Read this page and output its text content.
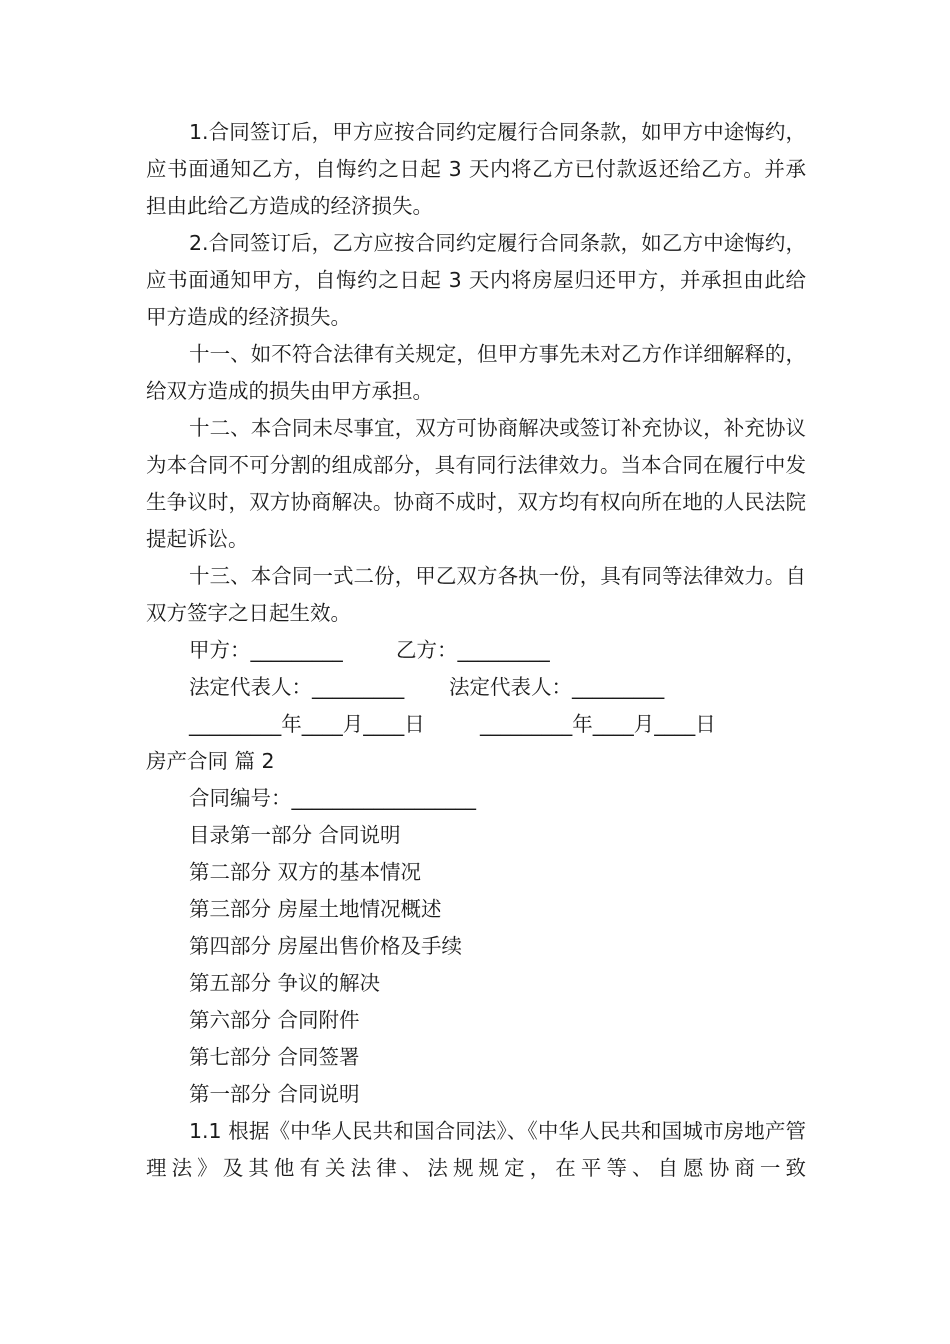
1.合同签订后，甲方应按合同约定履行合同条款，如甲方中途悔约，应书面通知乙方，自悔约之日起 3 天内将乙方已付款返还给乙方。并承担由此给乙方造成的经济损失。

2.合同签订后，乙方应按合同约定履行合同条款，如乙方中途悔约，应书面通知甲方，自悔约之日起 3 天内将房屋归还甲方，并承担由此给甲方造成的经济损失。

十一、如不符合法律有关规定，但甲方事先未对乙方作详细解释的，给双方造成的损失由甲方承担。

十二、本合同未尽事宜，双方可协商解决或签订补充协议，补充协议为本合同不可分割的组成部分，具有同行法律效力。当本合同在履行中发生争议时，双方协商解决。协商不成时，双方均有权向所在地的人民法院提起诉讼。

十三、本合同一式二份，甲乙双方各执一份，具有同等法律效力。自双方签字之日起生效。

甲方：_________	乙方：_________
法定代表人：_________	法定代表人：_________
_________年____月____日	_________年____月____日

房产合同 篇 2

合同编号：__________________

目录第一部分 合同说明

第二部分 双方的基本情况

第三部分 房屋土地情况概述

第四部分 房屋出售价格及手续

第五部分 争议的解决

第六部分 合同附件

第七部分 合同签署

第一部分 合同说明

1.1 根据《中华人民共和国合同法》、《中华人民共和国城市房地产管理法》及其他有关法律、法规规定，在平等、自愿协商一致
